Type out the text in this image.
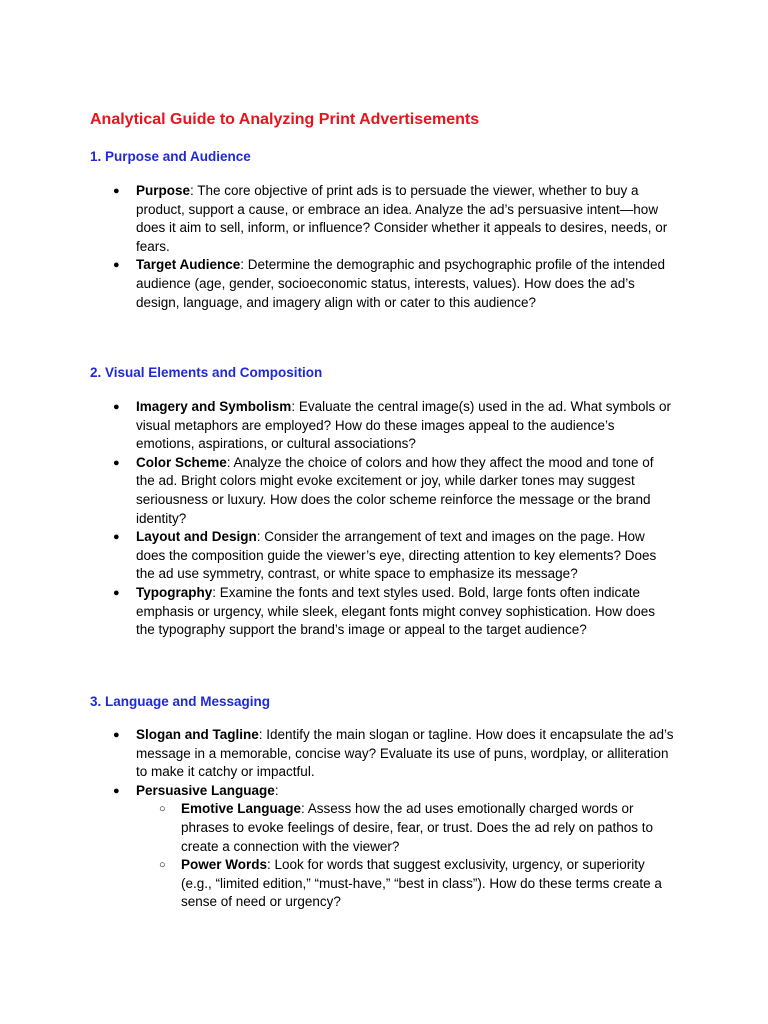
Analytical Guide to Analyzing Print Advertisements
1. Purpose and Audience
● Purpose: The core objective of print ads is to persuade the viewer, whether to buy a product, support a cause, or embrace an idea. Analyze the ad’s persuasive intent—how does it aim to sell, inform, or influence? Consider whether it appeals to desires, needs, or fears.
● Target Audience: Determine the demographic and psychographic profile of the intended audience (age, gender, socioeconomic status, interests, values). How does the ad’s design, language, and imagery align with or cater to this audience?
2. Visual Elements and Composition
● Imagery and Symbolism: Evaluate the central image(s) used in the ad. What symbols or visual metaphors are employed? How do these images appeal to the audience’s emotions, aspirations, or cultural associations?
● Color Scheme: Analyze the choice of colors and how they affect the mood and tone of the ad. Bright colors might evoke excitement or joy, while darker tones may suggest seriousness or luxury. How does the color scheme reinforce the message or the brand identity?
● Layout and Design: Consider the arrangement of text and images on the page. How does the composition guide the viewer’s eye, directing attention to key elements? Does the ad use symmetry, contrast, or white space to emphasize its message?
● Typography: Examine the fonts and text styles used. Bold, large fonts often indicate emphasis or urgency, while sleek, elegant fonts might convey sophistication. How does the typography support the brand’s image or appeal to the target audience?
3. Language and Messaging
● Slogan and Tagline: Identify the main slogan or tagline. How does it encapsulate the ad’s message in a memorable, concise way? Evaluate its use of puns, wordplay, or alliteration to make it catchy or impactful.
● Persuasive Language:
○ Emotive Language: Assess how the ad uses emotionally charged words or phrases to evoke feelings of desire, fear, or trust. Does the ad rely on pathos to create a connection with the viewer?
○ Power Words: Look for words that suggest exclusivity, urgency, or superiority (e.g., “limited edition,” “must-have,” “best in class”). How do these terms create a sense of need or urgency?
